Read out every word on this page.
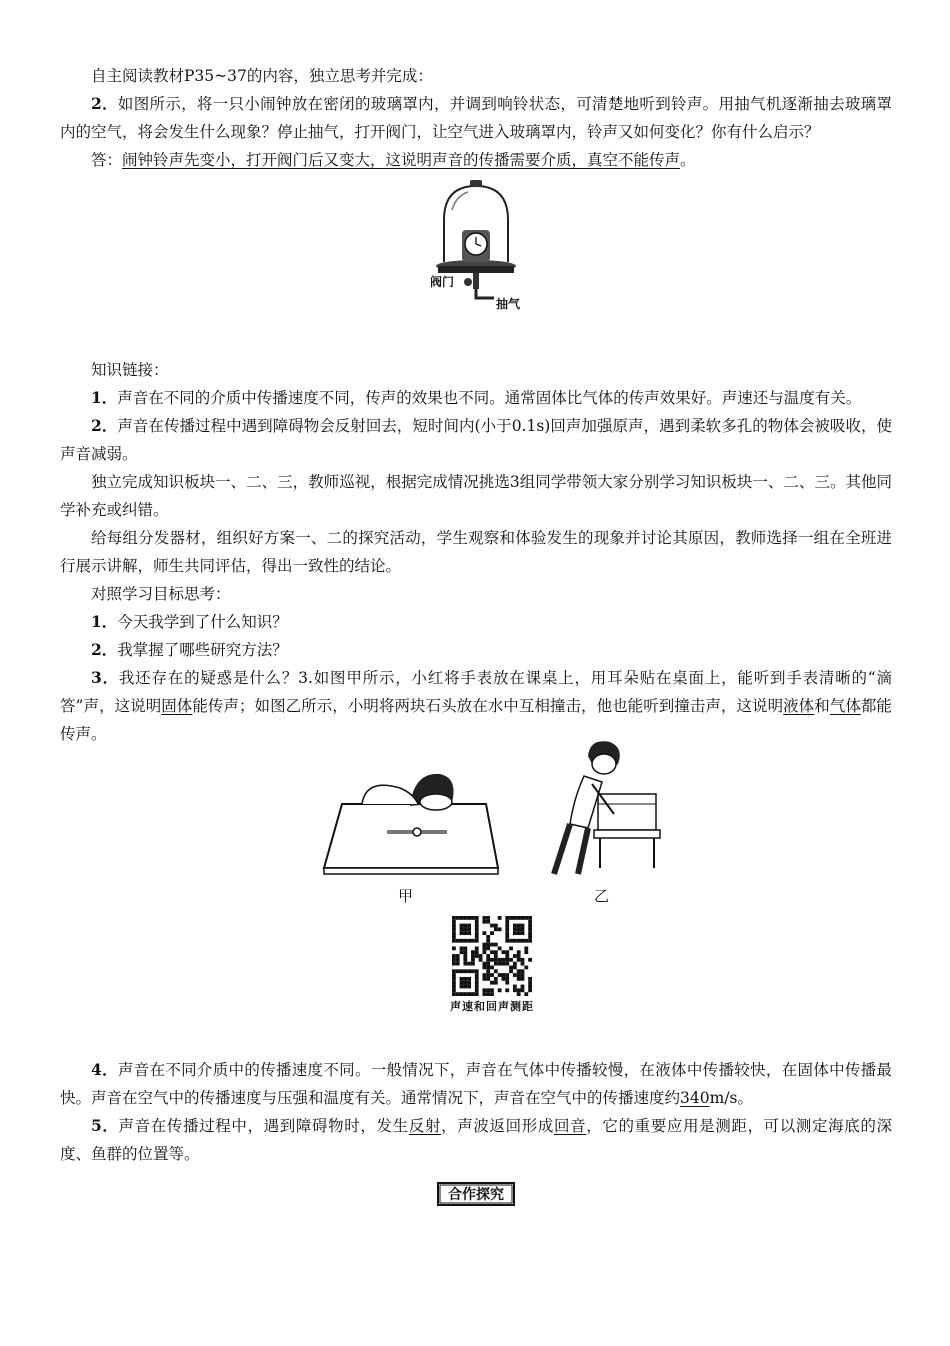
自主阅读教材P35~37的内容，独立思考并完成：

2．如图所示，将一只小闹钟放在密闭的玻璃罩内，并调到响铃状态，可清楚地听到铃声。用抽气机逐渐抽去玻璃罩内的空气，将会发生什么现象？停止抽气，打开阀门，让空气进入玻璃罩内，铃声又如何变化？你有什么启示？

答：闹钟铃声先变小，打开阀门后又变大，这说明声音的传播需要介质，真空不能传声。

阀门
抽气

知识链接：

1．声音在不同的介质中传播速度不同，传声的效果也不同。通常固体比气体的传声效果好。声速还与温度有关。

2．声音在传播过程中遇到障碍物会反射回去，短时间内(小于0.1s)回声加强原声，遇到柔软多孔的物体会被吸收，使声音减弱。

独立完成知识板块一、二、三，教师巡视，根据完成情况挑选3组同学带领大家分别学习知识板块一、二、三。其他同学补充或纠错。

给每组分发器材，组织好方案一、二的探究活动，学生观察和体验发生的现象并讨论其原因，教师选择一组在全班进行展示讲解，师生共同评估，得出一致性的结论。

对照学习目标思考：

1．今天我学到了什么知识？

2．我掌握了哪些研究方法？

3．我还存在的疑惑是什么？3.如图甲所示，小红将手表放在课桌上，用耳朵贴在桌面上，能听到手表清晰的“滴答”声，这说明固体能传声；如图乙所示，小明将两块石头放在水中互相撞击，他也能听到撞击声，这说明液体和气体都能传声。

甲	乙
声速和回声测距

4．声音在不同介质中的传播速度不同。一般情况下，声音在气体中传播较慢，在液体中传播较快，在固体中传播最快。声音在空气中的传播速度与压强和温度有关。通常情况下，声音在空气中的传播速度约340m/s。

5．声音在传播过程中，遇到障碍物时，发生反射，声波返回形成回音，它的重要应用是测距，可以测定海底的深度、鱼群的位置等。

合作探究
